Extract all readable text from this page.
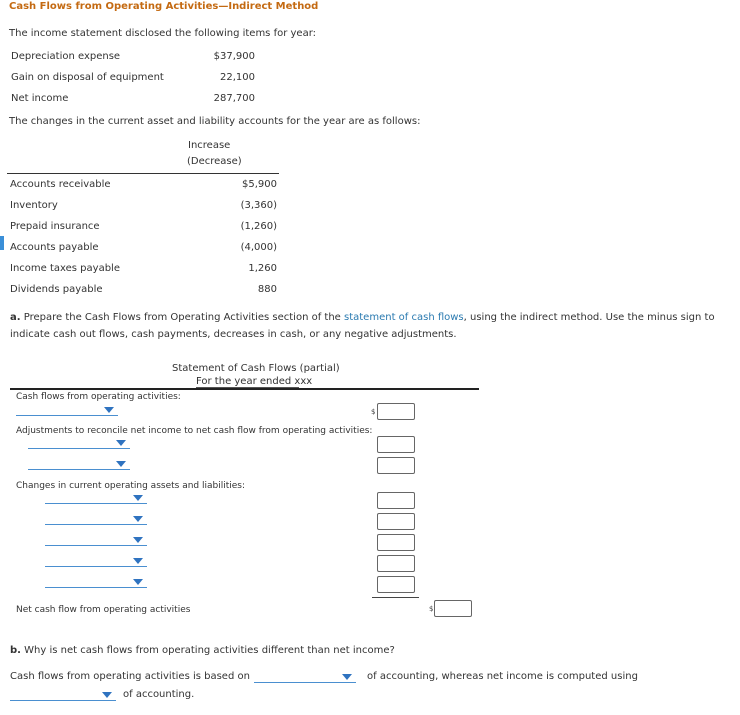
Cash Flows from Operating Activities—Indirect Method
The income statement disclosed the following items for year:
Depreciation expense	$37,900
Gain on disposal of equipment	22,100
Net income	287,700
The changes in the current asset and liability accounts for the year are as follows:
Increase
(Decrease)
Accounts receivable	$5,900
Inventory	(3,360)
Prepaid insurance	(1,260)
Accounts payable	(4,000)
Income taxes payable	1,260
Dividends payable	880
a. Prepare the Cash Flows from Operating Activities section of the statement of cash flows, using the indirect method. Use the minus sign to
indicate cash out flows, cash payments, decreases in cash, or any negative adjustments.
Statement of Cash Flows (partial)
For the year ended xxx
Cash flows from operating activities:
$
Adjustments to reconcile net income to net cash flow from operating activities:
Changes in current operating assets and liabilities:
Net cash flow from operating activities	$
b. Why is net cash flows from operating activities different than net income?
Cash flows from operating activities is based on	of accounting, whereas net income is computed using
of accounting.
